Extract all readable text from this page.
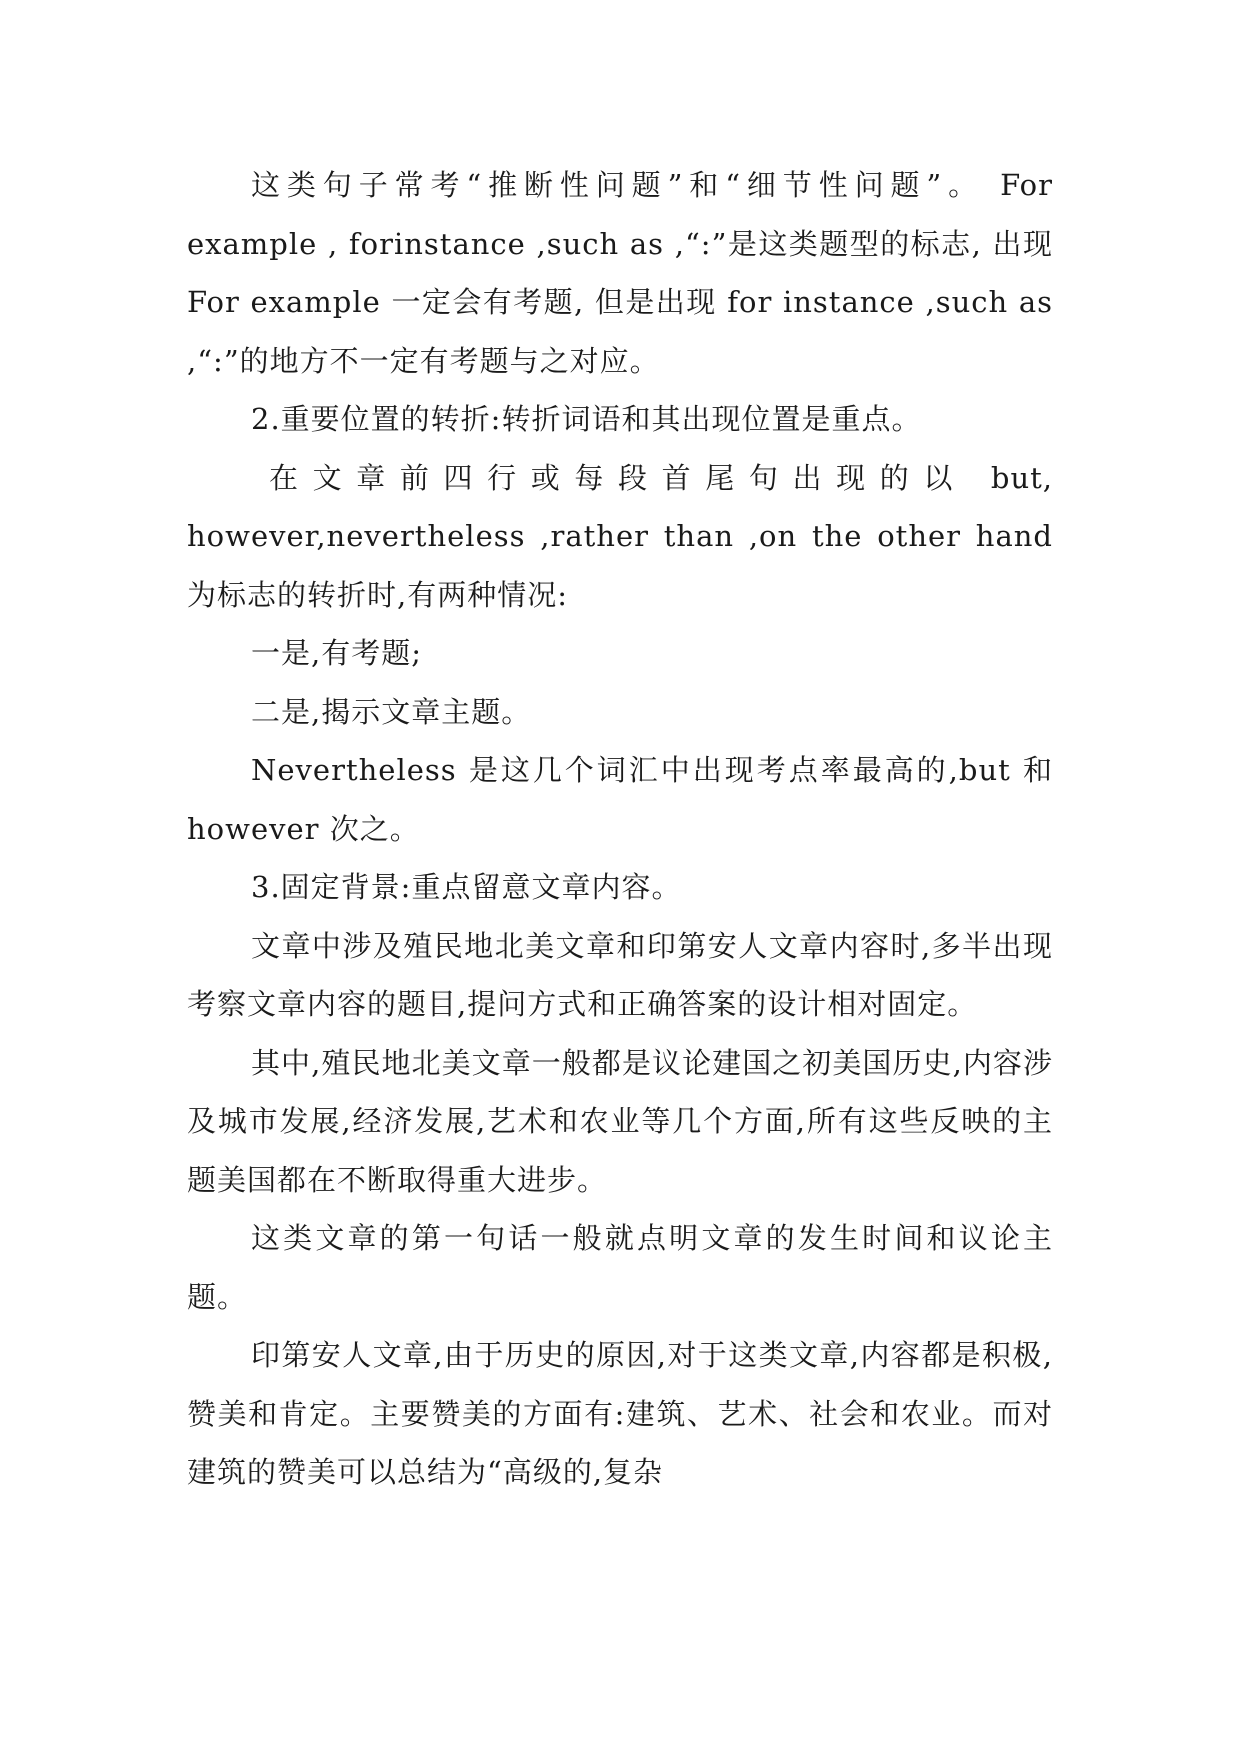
这类句子常考“推断性问题”和“细节性问题”。 For example , forinstance ,such as ,“:”是这类题型的标志, 出现 For example 一定会有考题, 但是出现 for instance ,such as ,“:”的地方不一定有考题与之对应。

2.重要位置的转折:转折词语和其出现位置是重点。

在文章前四行或每段首尾句出现的以 but, however,nevertheless ,rather than ,on the other hand 为标志的转折时,有两种情况:

一是,有考题;

二是,揭示文章主题。

Nevertheless 是这几个词汇中出现考点率最高的,but 和 however 次之。

3.固定背景:重点留意文章内容。

文章中涉及殖民地北美文章和印第安人文章内容时,多半出现考察文章内容的题目,提问方式和正确答案的设计相对固定。

其中,殖民地北美文章一般都是议论建国之初美国历史,内容涉及城市发展,经济发展,艺术和农业等几个方面,所有这些反映的主题美国都在不断取得重大进步。

这类文章的第一句话一般就点明文章的发生时间和议论主题。

印第安人文章,由于历史的原因,对于这类文章,内容都是积极,赞美和肯定。主要赞美的方面有:建筑、艺术、社会和农业。而对建筑的赞美可以总结为“高级的,复杂
